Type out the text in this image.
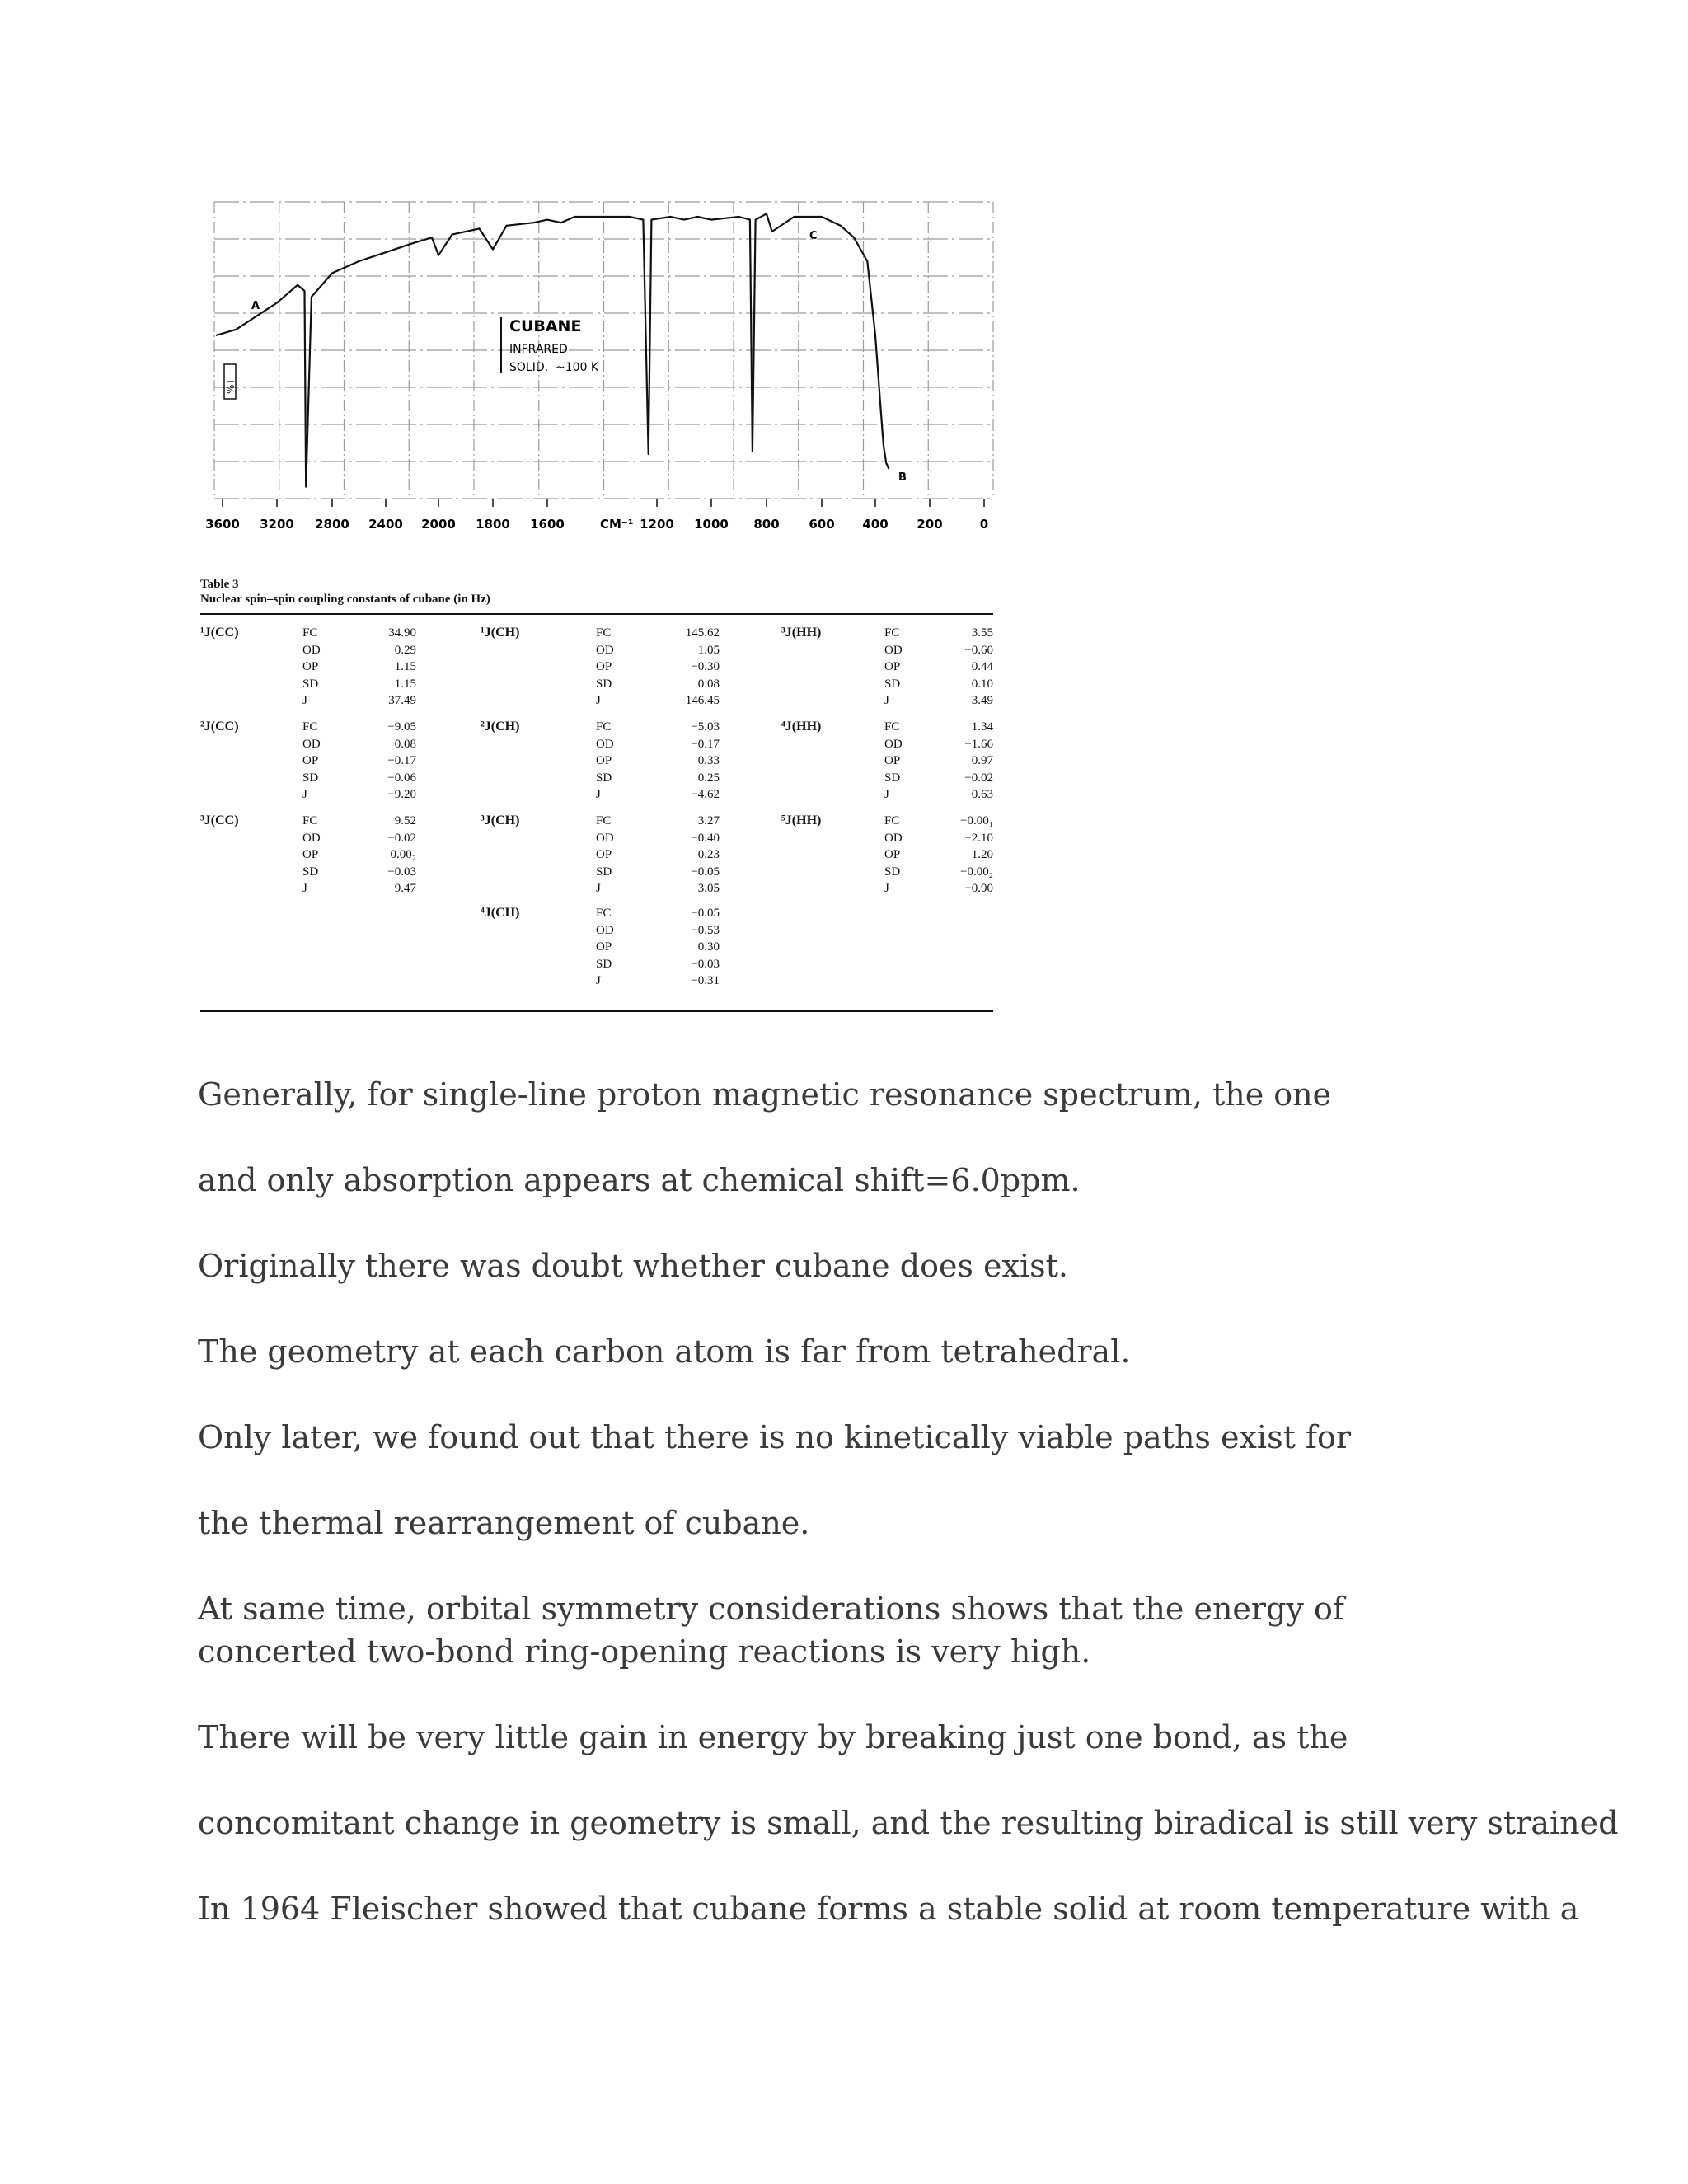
CUBANE
INFRARED
SOLID.  ~100 K
%T
A
B
C
3600 3200 2800 2400 2000 1800 1600	1200 1000 800 600 400 200	0
CM⁻¹
Table 3
Nuclear spin–spin coupling constants of cubane (in Hz)
¹J(CC)	FC	34.90
OD	0.29
OP	1.15
SD	1.15
J	37.49
²J(CC)	FC	−9.05
OD	0.08
OP	−0.17
SD	−0.06
J	−9.20
³J(CC)	FC	9.52
OD	−0.02
OP	0.00₂
SD	−0.03
J	9.47
¹J(CH)	FC	145.62
OD	1.05
OP	−0.30
SD	0.08
J	146.45
²J(CH)	FC	−5.03
OD	−0.17
OP	0.33
SD	0.25
J	−4.62
³J(CH)	FC	3.27
OD	−0.40
OP	0.23
SD	−0.05
J	3.05
⁴J(CH)	FC	−0.05
OD	−0.53
OP	0.30
SD	−0.03
J	−0.31
³J(HH)	FC	3.55
OD	−0.60
OP	0.44
SD	0.10
J	3.49
⁴J(HH)	FC	1.34
OD	−1.66
OP	0.97
SD	−0.02
J	0.63
⁵J(HH)	FC	−0.00₁
OD	−2.10
OP	1.20
SD	−0.00₂
J	−0.90
Generally, for single-line proton magnetic resonance spectrum, the one
and only absorption appears at chemical shift=6.0ppm.
Originally there was doubt whether cubane does exist.
The geometry at each carbon atom is far from tetrahedral.
Only later, we found out that there is no kinetically viable paths exist for
the thermal rearrangement of cubane.
At same time, orbital symmetry considerations shows that the energy of concerted two-bond ring-opening reactions is very high.
There will be very little gain in energy by breaking just one bond, as the
concomitant change in geometry is small, and the resulting biradical is still very strained
In 1964 Fleischer showed that cubane forms a stable solid at room temperature with a
